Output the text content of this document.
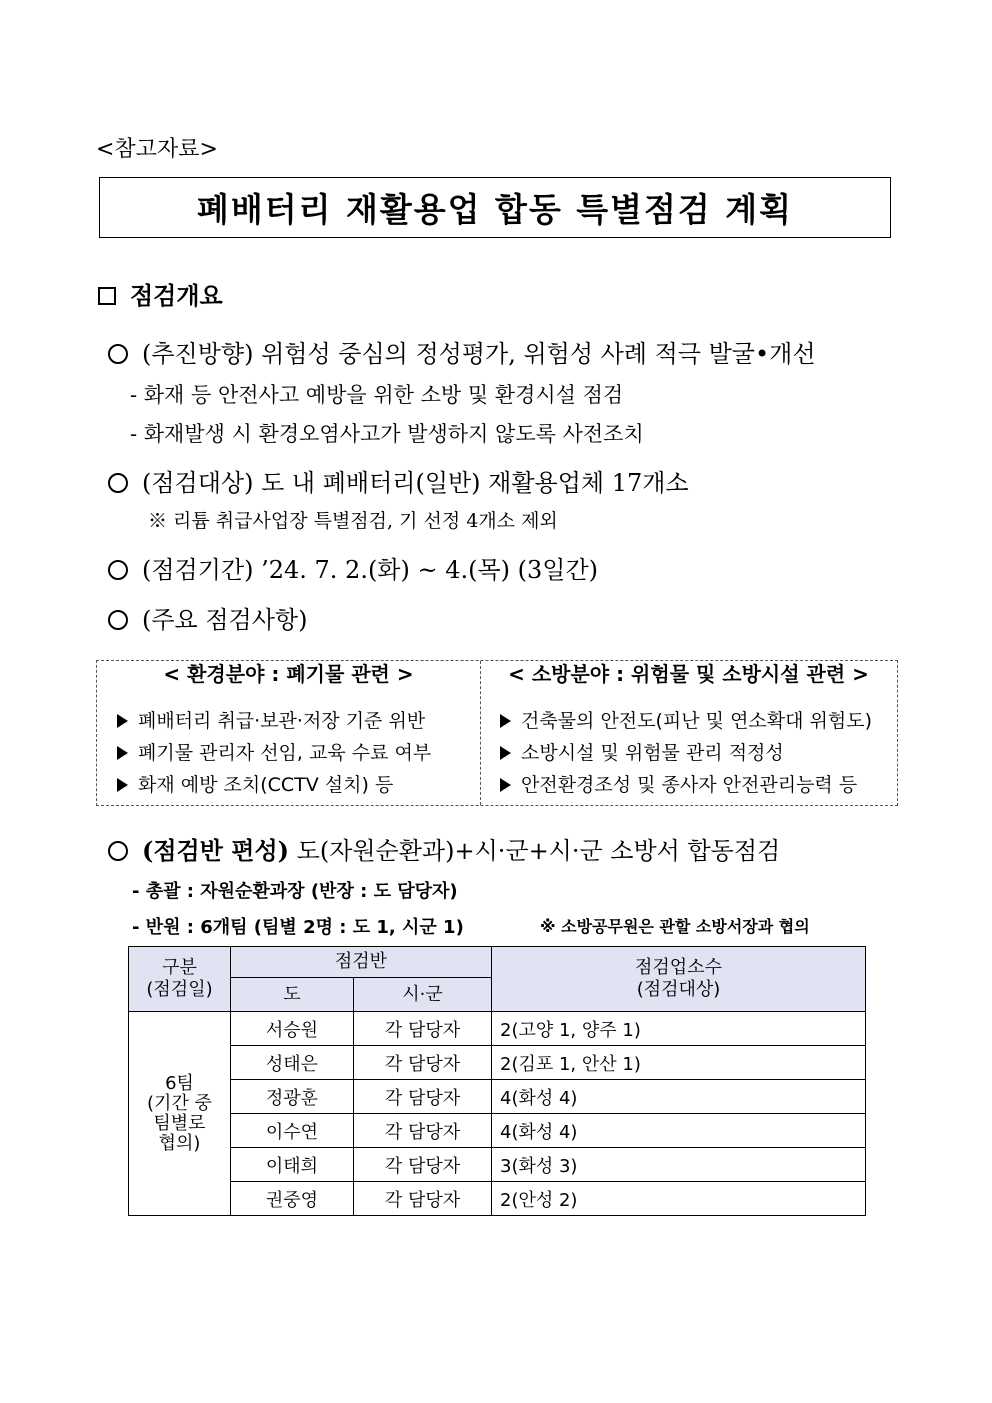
<참고자료>
폐배터리 재활용업 합동 특별점검 계획
점검개요
(추진방향) 위험성 중심의 정성평가, 위험성 사례 적극 발굴•개선
- 화재 등 안전사고 예방을 위한 소방 및 환경시설 점검
- 화재발생 시 환경오염사고가 발생하지 않도록 사전조치
(점검대상) 도 내 폐배터리(일반) 재활용업체 17개소
※ 리튬 취급사업장 특별점검, 기 선정 4개소 제외
(점검기간) ’24. 7. 2.(화) ~ 4.(목) (3일간)
(주요 점검사항)
< 환경분야 : 폐기물 관련 >
폐배터리 취급·보관·저장 기준 위반
폐기물 관리자 선임, 교육 수료 여부
화재 예방 조치(CCTV 설치) 등
< 소방분야 : 위험물 및 소방시설 관련 >
건축물의 안전도(피난 및 연소확대 위험도)
소방시설 및 위험물 관리 적정성
안전환경조성 및 종사자 안전관리능력 등
(점검반 편성) 도(자원순환과)+시·군+시·군 소방서 합동점검
- 총괄 : 자원순환과장 (반장 : 도 담당자)
- 반원 : 6개팀 (팀별 2명 : 도 1, 시군 1)	※ 소방공무원은 관할 소방서장과 협의
구분
(점검일)	점검반		점검업소수
(점검대상)
	도	시·군	
6팀
(기간 중
팀별로
협의)	서승원	각 담당자	2(고양 1, 양주 1)
	성태은	각 담당자	2(김포 1, 안산 1)
	정광훈	각 담당자	4(화성 4)
	이수연	각 담당자	4(화성 4)
	이태희	각 담당자	3(화성 3)
	권중영	각 담당자	2(안성 2)
